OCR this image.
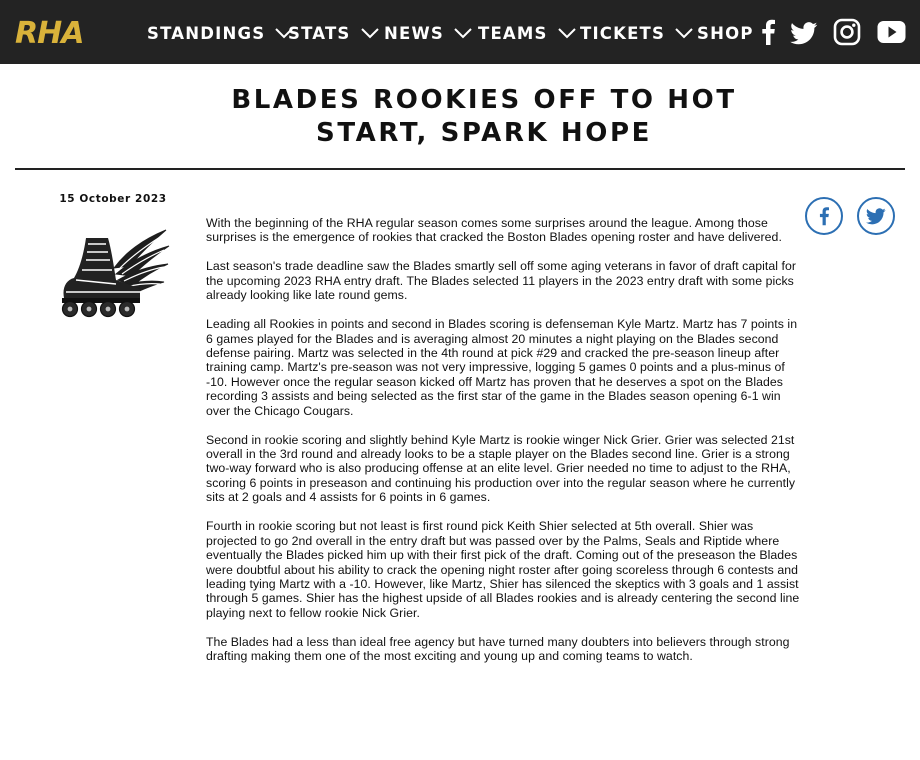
RHA	STANDINGS STATS NEWS TEAMS TICKETS SHOP
BLADES ROOKIES OFF TO HOT
START, SPARK HOPE
15 October 2023

With the beginning of the RHA regular season comes some surprises around the league. Among those surprises is the emergence of rookies that cracked the Boston Blades opening roster and have delivered.

Last season's trade deadline saw the Blades smartly sell off some aging veterans in favor of draft capital for the upcoming 2023 RHA entry draft. The Blades selected 11 players in the 2023 entry draft with some picks already looking like late round gems.

Leading all Rookies in points and second in Blades scoring is defenseman Kyle Martz. Martz has 7 points in 6 games played for the Blades and is averaging almost 20 minutes a night playing on the Blades second defense pairing. Martz was selected in the 4th round at pick #29 and cracked the pre-season lineup after training camp. Martz's pre-season was not very impressive, logging 5 games 0 points and a plus-minus of -10. However once the regular season kicked off Martz has proven that he deserves a spot on the Blades recording 3 assists and being selected as the first star of the game in the Blades season opening 6-1 win over the Chicago Cougars.

Second in rookie scoring and slightly behind Kyle Martz is rookie winger Nick Grier. Grier was selected 21st overall in the 3rd round and already looks to be a staple player on the Blades second line. Grier is a strong two-way forward who is also producing offense at an elite level. Grier needed no time to adjust to the RHA, scoring 6 points in preseason and continuing his production over into the regular season where he currently sits at 2 goals and 4 assists for 6 points in 6 games.

Fourth in rookie scoring but not least is first round pick Keith Shier selected at 5th overall. Shier was projected to go 2nd overall in the entry draft but was passed over by the Palms, Seals and Riptide where eventually the Blades picked him up with their first pick of the draft. Coming out of the preseason the Blades were doubtful about his ability to crack the opening night roster after going scoreless through 6 contests and leading tying Martz with a -10. However, like Martz, Shier has silenced the skeptics with 3 goals and 1 assist through 5 games. Shier has the highest upside of all Blades rookies and is already centering the second line playing next to fellow rookie Nick Grier.

The Blades had a less than ideal free agency but have turned many doubters into believers through strong drafting making them one of the most exciting and young up and coming teams to watch.
